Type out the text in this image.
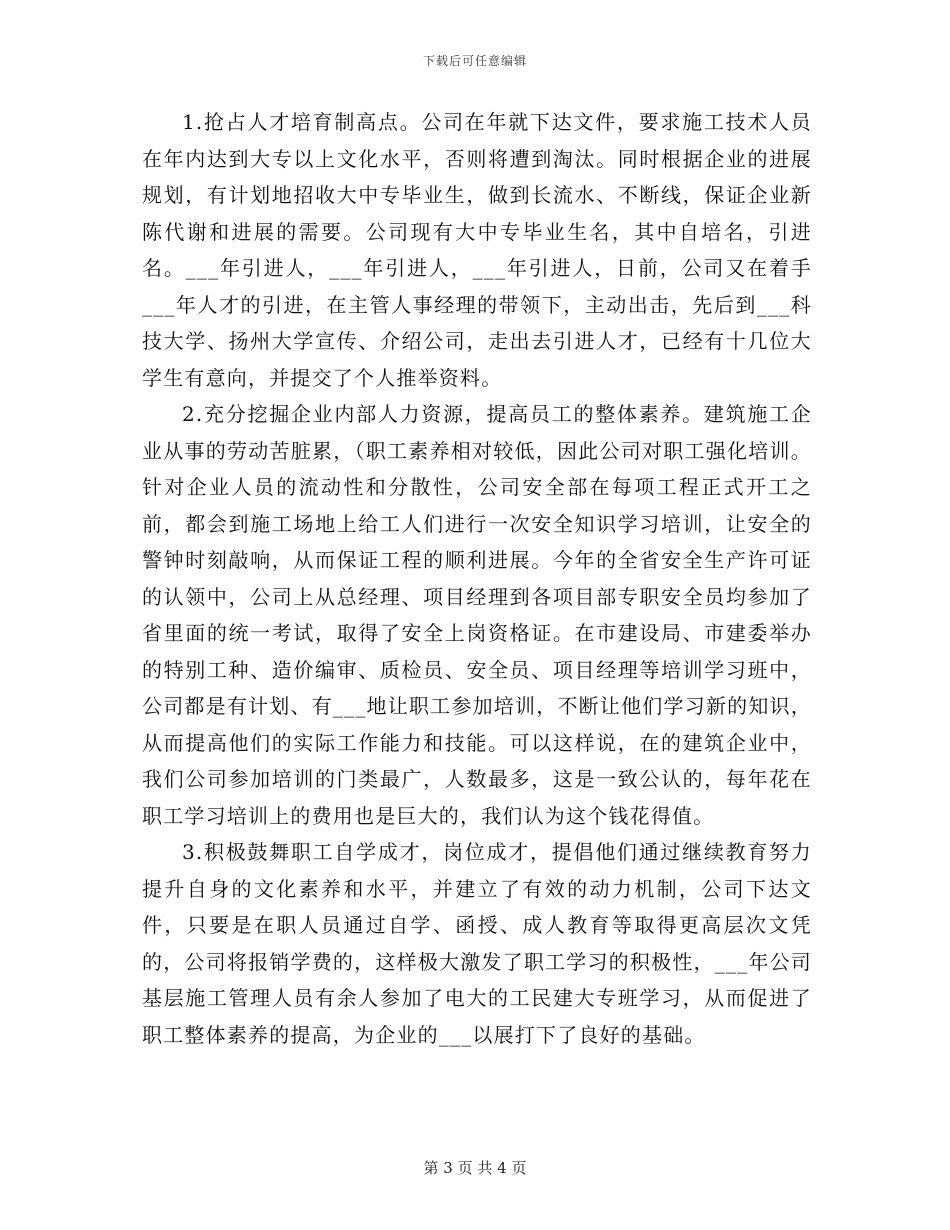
下载后可任意编辑

1.抢占人才培育制高点。公司在年就下达文件，要求施工技术人员在年内达到大专以上文化水平，否则将遭到淘汰。同时根据企业的进展规划，有计划地招收大中专毕业生，做到长流水、不断线，保证企业新陈代谢和进展的需要。公司现有大中专毕业生名，其中自培名，引进名。___年引进人，___年引进人，___年引进人，日前，公司又在着手___年人才的引进，在主管人事经理的带领下，主动出击，先后到___科技大学、扬州大学宣传、介绍公司，走出去引进人才，已经有十几位大学生有意向，并提交了个人推举资料。

2.充分挖掘企业内部人力资源，提高员工的整体素养。建筑施工企业从事的劳动苦脏累，（职工素养相对较低，因此公司对职工强化培训。针对企业人员的流动性和分散性，公司安全部在每项工程正式开工之前，都会到施工场地上给工人们进行一次安全知识学习培训，让安全的警钟时刻敲响，从而保证工程的顺利进展。今年的全省安全生产许可证的认领中，公司上从总经理、项目经理到各项目部专职安全员均参加了省里面的统一考试，取得了安全上岗资格证。在市建设局、市建委举办的特别工种、造价编审、质检员、安全员、项目经理等培训学习班中，公司都是有计划、有___地让职工参加培训，不断让他们学习新的知识，从而提高他们的实际工作能力和技能。可以这样说，在的建筑企业中，我们公司参加培训的门类最广，人数最多，这是一致公认的，每年花在职工学习培训上的费用也是巨大的，我们认为这个钱花得值。

3.积极鼓舞职工自学成才，岗位成才，提倡他们通过继续教育努力提升自身的文化素养和水平，并建立了有效的动力机制，公司下达文件，只要是在职人员通过自学、函授、成人教育等取得更高层次文凭的，公司将报销学费的，这样极大激发了职工学习的积极性，___年公司基层施工管理人员有余人参加了电大的工民建大专班学习，从而促进了职工整体素养的提高，为企业的___以展打下了良好的基础。

第 3 页 共 4 页
